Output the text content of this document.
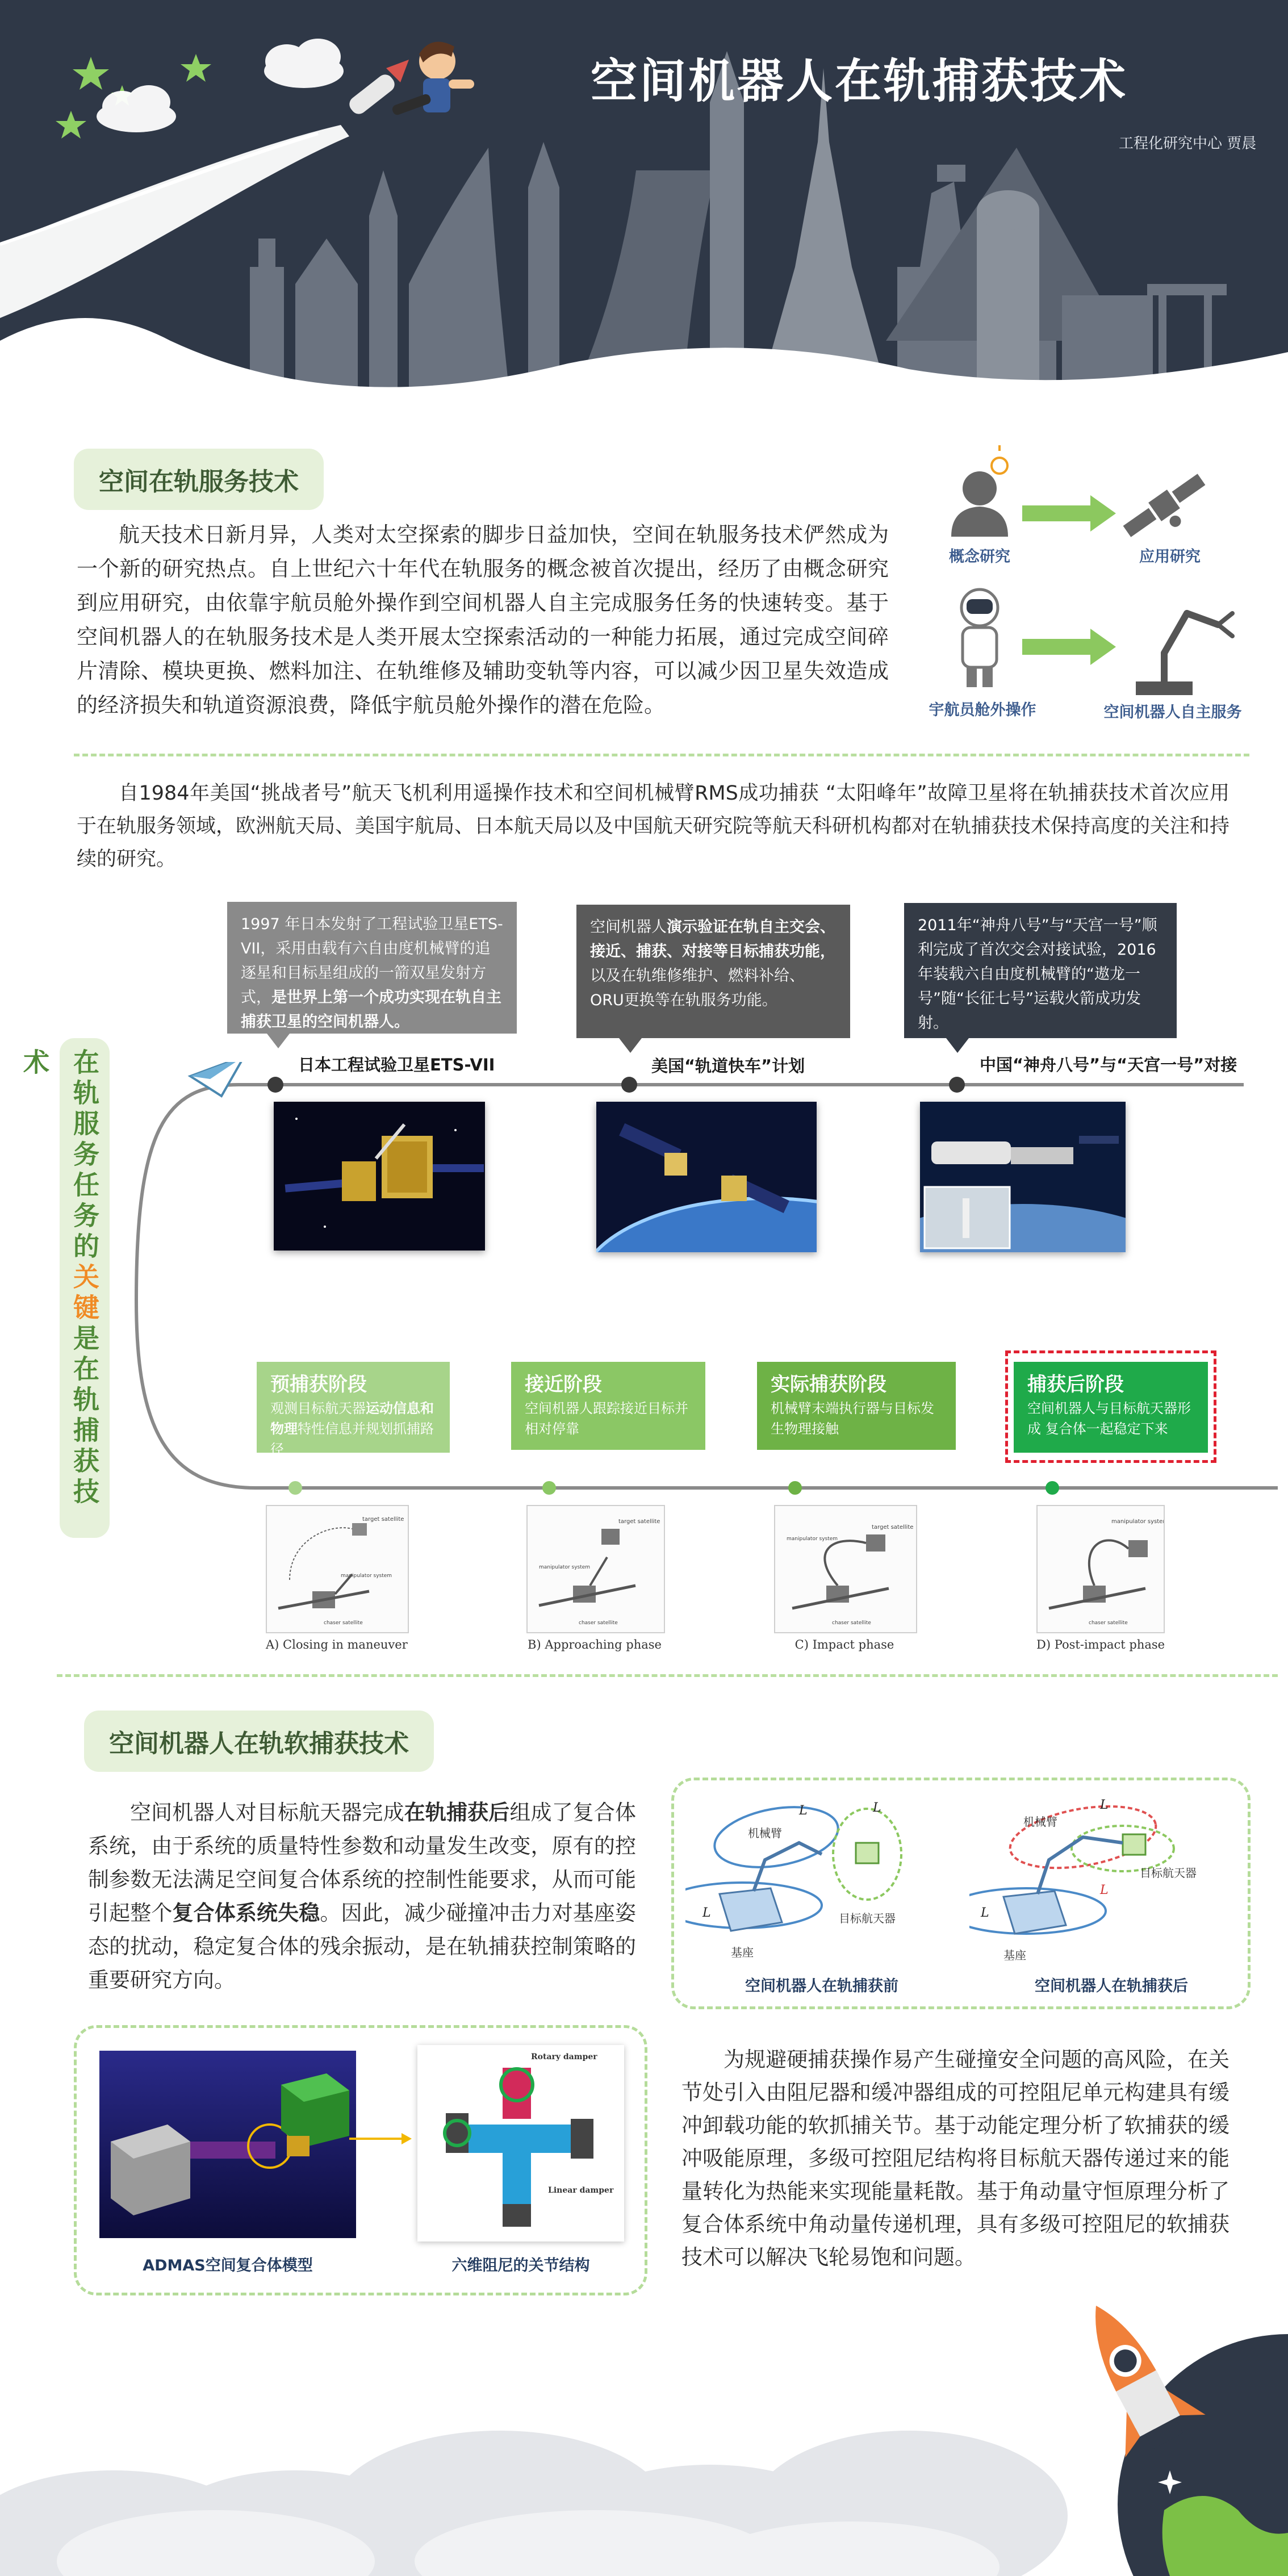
空间机器人在轨捕获技术
工程化研究中心 贾晨
空间在轨服务技术
航天技术日新月异，人类对太空探索的脚步日益加快，空间在轨服务技术俨然成为一个新的研究热点。自上世纪六十年代在轨服务的概念被首次提出，经历了由概念研究到应用研究，由依靠宇航员舱外操作到空间机器人自主完成服务任务的快速转变。基于空间机器人的在轨服务技术是人类开展太空探索活动的一种能力拓展，通过完成空间碎片清除、模块更换、燃料加注、在轨维修及辅助变轨等内容，可以减少因卫星失效造成的经济损失和轨道资源浪费，降低宇航员舱外操作的潜在危险。
概念研究	应用研究
宇航员舱外操作	空间机器人自主服务
自1984年美国“挑战者号”航天飞机利用遥操作技术和空间机械臂RMS成功捕获 “太阳峰年”故障卫星将在轨捕获技术首次应用于在轨服务领域，欧洲航天局、美国宇航局、日本航天局以及中国航天研究院等航天科研机构都对在轨捕获技术保持高度的关注和持续的研究。
在轨服务任务的关键是在轨捕获技术
1997 年日本发射了工程试验卫星ETS-VII，采用由载有六自由度机械臂的追逐星和目标星组成的一箭双星发射方式，是世界上第一个成功实现在轨自主捕获卫星的空间机器人。
空间机器人演示验证在轨自主交会、接近、捕获、对接等目标捕获功能，以及在轨维修维护、燃料补给、ORU更换等在轨服务功能。
2011年“神舟八号”与“天宫一号”顺利完成了首次交会对接试验，2016年装载六自由度机械臂的“遨龙一号”随“长征七号”运载火箭成功发射。
日本工程试验卫星ETS-VII	美国“轨道快车”计划	中国“神舟八号”与“天宫一号”对接
预捕获阶段
观测目标航天器运动信息和物理特性信息并规划抓捕路径
接近阶段
空间机器人跟踪接近目标并相对停靠
实际捕获阶段
机械臂末端执行器与目标发生物理接触
捕获后阶段
空间机器人与目标航天器形成 复合体一起稳定下来
target satellite
manipulator system
chaser satellite
target satellite
manipulator system
chaser satellite
target satellite
manipulator system
chaser satellite
manipulator system
chaser satellite
A) Closing in maneuver	B) Approaching phase	C) Impact phase	D) Post-impact phase
空间机器人在轨软捕获技术
空间机器人对目标航天器完成在轨捕获后组成了复合体系统，由于系统的质量特性参数和动量发生改变，原有的控制参数无法满足空间复合体系统的控制性能要求，从而可能引起整个复合体系统失稳。因此，减少碰撞冲击力对基座姿态的扰动，稳定复合体的残余振动，是在轨捕获控制策略的重要研究方向。
机械臂
目标航天器
基座
L	L
L
机械臂
目标航天器
基座
L
L
L
空间机器人在轨捕获前	空间机器人在轨捕获后
Rotary damper
Linear damper
ADMAS空间复合体模型	六维阻尼的关节结构
为规避硬捕获操作易产生碰撞安全问题的高风险，在关节处引入由阻尼器和缓冲器组成的可控阻尼单元构建具有缓冲卸载功能的软抓捕关节。基于动能定理分析了软捕获的缓冲吸能原理，多级可控阻尼结构将目标航天器传递过来的能量转化为热能来实现能量耗散。基于角动量守恒原理分析了复合体系统中角动量传递机理，具有多级可控阻尼的软捕获技术可以解决飞轮易饱和问题。
